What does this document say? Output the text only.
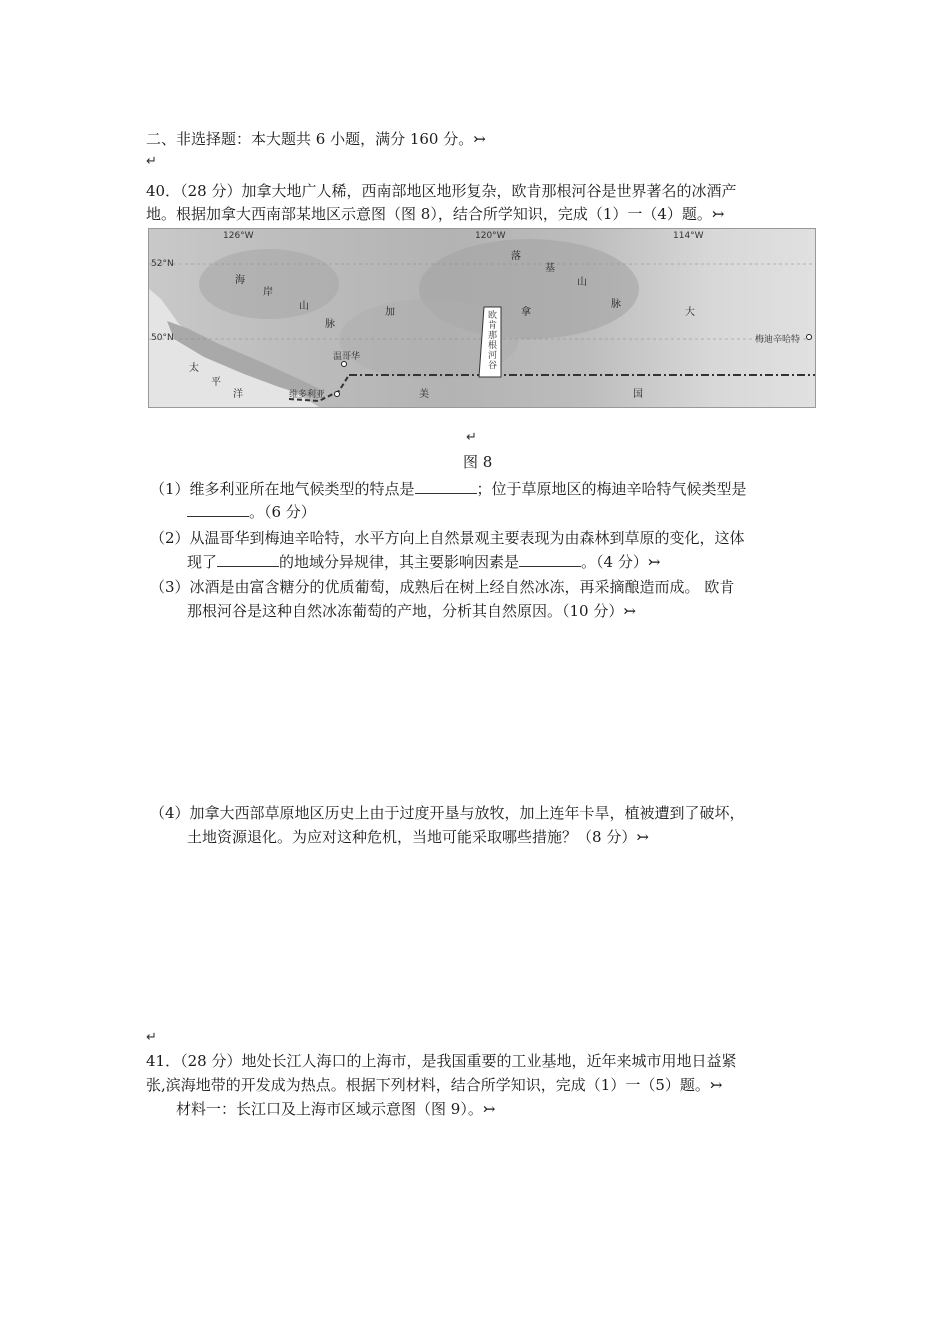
二、非选择题：本大题共 6 小题，满分 160 分。↣
↵
40．（28 分）加拿大地广人稀，西南部地区地形复杂，欧肯那根河谷是世界著名的冰酒产
地。根据加拿大西南部某地区示意图（图 8），结合所学知识，完成（1）一（4）题。↣
126°W	120°W	114°W
52°N
50°N
落
基
山
脉
海
岸
山
脉
加	拿	大
美	国
太
平
洋
欧肯那根河谷
温哥华
维多利亚
梅迪辛哈特
↵
图 8
（1）维多利亚所在地气候类型的特点是	；位于草原地区的梅迪辛哈特气候类型是
。（6 分）
（2）从温哥华到梅迪辛哈特，水平方向上自然景观主要表现为由森林到草原的变化，这体
现了	的地域分异规律，其主要影响因素是	。（4 分）↣
（3）冰酒是由富含糖分的优质葡萄，成熟后在树上经自然冰冻，再采摘酿造而成。 欧肯
那根河谷是这种自然冰冻葡萄的产地，分析其自然原因。（10 分）↣
（4）加拿大西部草原地区历史上由于过度开垦与放牧，加上连年卡旱，植被遭到了破坏，
土地资源退化。为应对这种危机，当地可能采取哪些措施？（8 分）↣
↵
41．（28 分）地处长江人海口的上海市，是我国重要的工业基地，近年来城市用地日益紧
张,滨海地带的开发成为热点。根据下列材料，结合所学知识，完成（1）一（5）题。↣
材料一：长江口及上海市区域示意图（图 9）。↣
